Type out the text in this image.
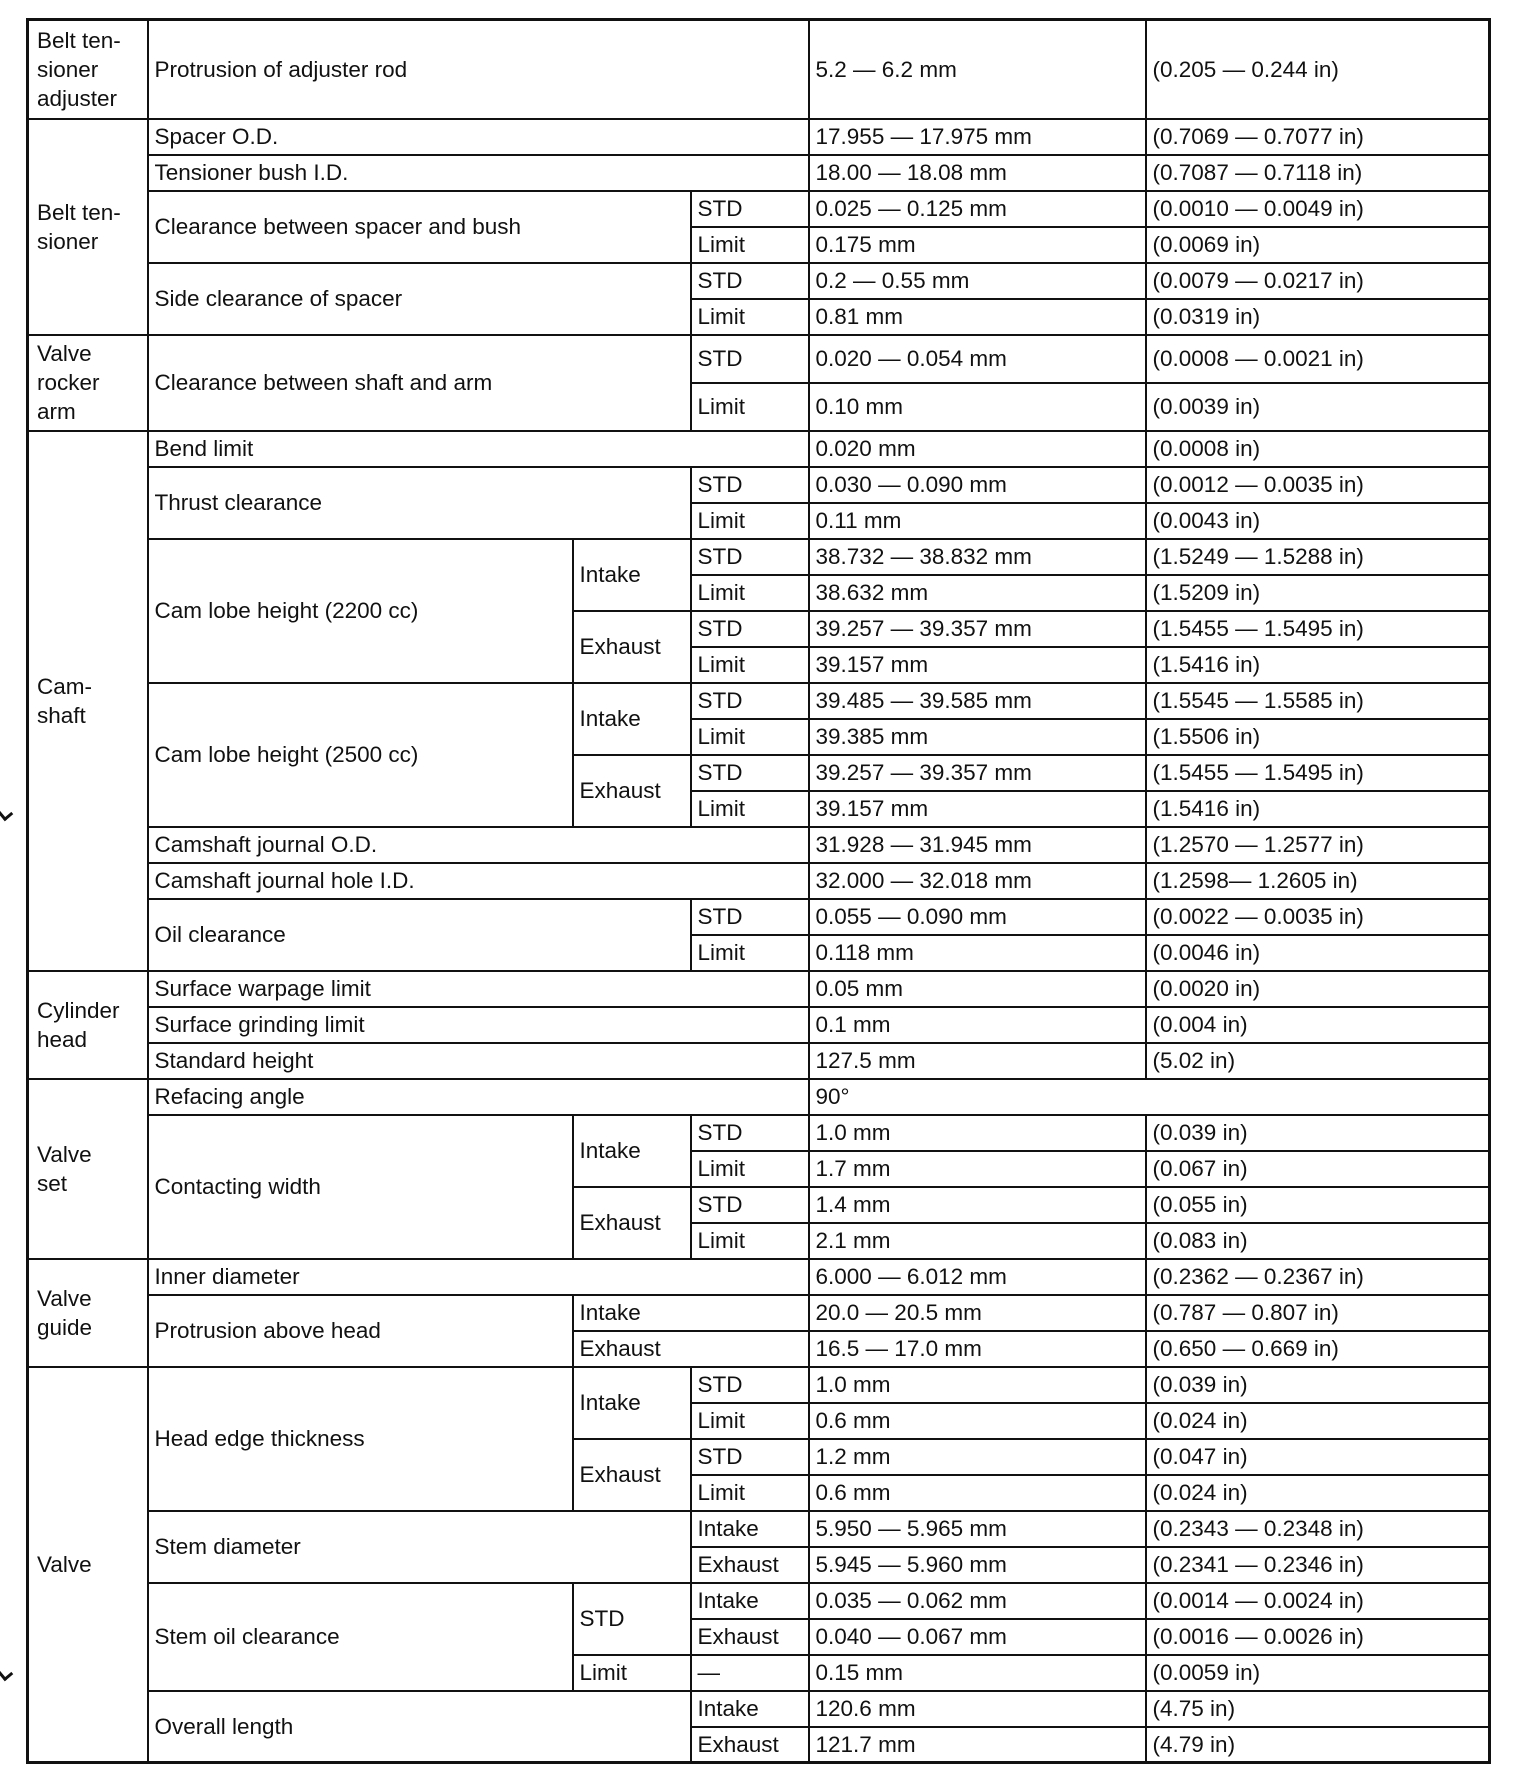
Belt ten-
sioner
adjuster	Protrusion of adjuster rod			5.2 — 6.2 mm	(0.205 — 0.244 in)
Belt ten-
sioner	Spacer O.D.			17.955 — 17.975 mm	(0.7069 — 0.7077 in)
	Tensioner bush I.D.			18.00 — 18.08 mm	(0.7087 — 0.7118 in)
	Clearance between spacer and bush		STD	0.025 — 0.125 mm	(0.0010 — 0.0049 in)
			Limit	0.175 mm	(0.0069 in)
	Side clearance of spacer		STD	0.2 — 0.55 mm	(0.0079 — 0.0217 in)
			Limit	0.81 mm	(0.0319 in)
Valve
rocker
arm	Clearance between shaft and arm		STD	0.020 — 0.054 mm	(0.0008 — 0.0021 in)
			Limit	0.10 mm	(0.0039 in)
Cam-
shaft	Bend limit			0.020 mm	(0.0008 in)
	Thrust clearance		STD	0.030 — 0.090 mm	(0.0012 — 0.0035 in)
			Limit	0.11 mm	(0.0043 in)
	Cam lobe height (2200 cc)	Intake	STD	38.732 — 38.832 mm	(1.5249 — 1.5288 in)
			Limit	38.632 mm	(1.5209 in)
		Exhaust	STD	39.257 — 39.357 mm	(1.5455 — 1.5495 in)
			Limit	39.157 mm	(1.5416 in)
	Cam lobe height (2500 cc)	Intake	STD	39.485 — 39.585 mm	(1.5545 — 1.5585 in)
			Limit	39.385 mm	(1.5506 in)
		Exhaust	STD	39.257 — 39.357 mm	(1.5455 — 1.5495 in)
			Limit	39.157 mm	(1.5416 in)
	Camshaft journal O.D.			31.928 — 31.945 mm	(1.2570 — 1.2577 in)
	Camshaft journal hole I.D.			32.000 — 32.018 mm	(1.2598— 1.2605 in)
	Oil clearance		STD	0.055 — 0.090 mm	(0.0022 — 0.0035 in)
			Limit	0.118 mm	(0.0046 in)
Cylinder
head	Surface warpage limit			0.05 mm	(0.0020 in)
	Surface grinding limit			0.1 mm	(0.004 in)
	Standard height			127.5 mm	(5.02 in)
Valve
set	Refacing angle			90°	
	Contacting width	Intake	STD	1.0 mm	(0.039 in)
			Limit	1.7 mm	(0.067 in)
		Exhaust	STD	1.4 mm	(0.055 in)
			Limit	2.1 mm	(0.083 in)
Valve
guide	Inner diameter			6.000 — 6.012 mm	(0.2362 — 0.2367 in)
	Protrusion above head	Intake		20.0 — 20.5 mm	(0.787 — 0.807 in)
		Exhaust		16.5 — 17.0 mm	(0.650 — 0.669 in)
Valve	Head edge thickness	Intake	STD	1.0 mm	(0.039 in)
			Limit	0.6 mm	(0.024 in)
		Exhaust	STD	1.2 mm	(0.047 in)
			Limit	0.6 mm	(0.024 in)
	Stem diameter		Intake	5.950 — 5.965 mm	(0.2343 — 0.2348 in)
			Exhaust	5.945 — 5.960 mm	(0.2341 — 0.2346 in)
	Stem oil clearance	STD	Intake	0.035 — 0.062 mm	(0.0014 — 0.0024 in)
			Exhaust	0.040 — 0.067 mm	(0.0016 — 0.0026 in)
		Limit	—	0.15 mm	(0.0059 in)
	Overall length		Intake	120.6 mm	(4.75 in)
			Exhaust	121.7 mm	(4.79 in)
